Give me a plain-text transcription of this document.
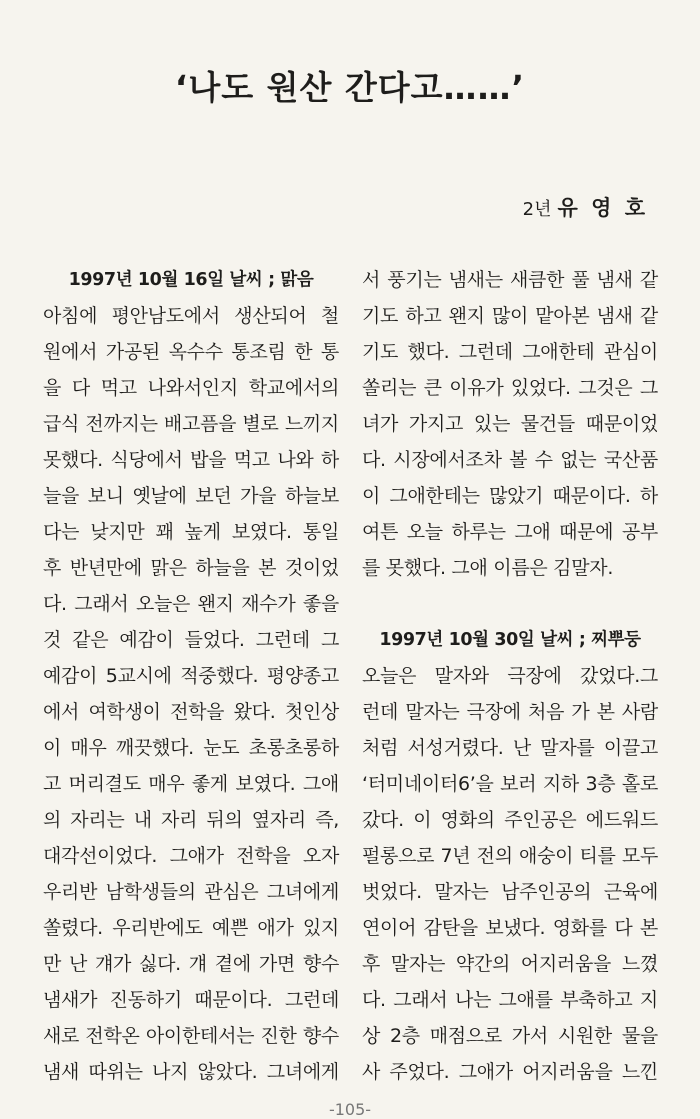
‘나도 원산 간다고……’
2년 유 영 호
1997년 10월 16일 날씨 ; 맑음
아침에 평안남도에서 생산되어 철
원에서 가공된 옥수수 통조림 한 통
을 다 먹고 나와서인지 학교에서의
급식 전까지는 배고픔을 별로 느끼지
못했다. 식당에서 밥을 먹고 나와 하
늘을 보니 옛날에 보던 가을 하늘보
다는 낮지만 꽤 높게 보였다. 통일
후 반년만에 맑은 하늘을 본 것이었
다. 그래서 오늘은 왠지 재수가 좋을
것 같은 예감이 들었다. 그런데 그
예감이 5교시에 적중했다. 평양종고
에서 여학생이 전학을 왔다. 첫인상
이 매우 깨끗했다. 눈도 초롱초롱하
고 머리결도 매우 좋게 보였다. 그애
의 자리는 내 자리 뒤의 옆자리 즉,
대각선이었다. 그애가 전학을 오자
우리반 남학생들의 관심은 그녀에게
쏠렸다. 우리반에도 예쁜 애가 있지
만 난 걔가 싫다. 걔 곁에 가면 향수
냄새가 진동하기 때문이다. 그런데
새로 전학온 아이한테서는 진한 향수
냄새 따위는 나지 않았다. 그녀에게
서 풍기는 냄새는 새큼한 풀 냄새 같
기도 하고 왠지 많이 맡아본 냄새 같
기도 했다. 그런데 그애한테 관심이
쏠리는 큰 이유가 있었다. 그것은 그
녀가 가지고 있는 물건들 때문이었
다. 시장에서조차 볼 수 없는 국산품
이 그애한테는 많았기 때문이다. 하
여튼 오늘 하루는 그애 때문에 공부
를 못했다. 그애 이름은 김말자.
1997년 10월 30일 날씨 ; 찌뿌둥
오늘은 말자와 극장에 갔었다.그
런데 말자는 극장에 처음 가 본 사람
처럼 서성거렸다. 난 말자를 이끌고
‘터미네이터6’을 보러 지하 3층 홀로
갔다. 이 영화의 주인공은 에드워드
펄롱으로 7년 전의 애숭이 티를 모두
벗었다. 말자는 남주인공의 근육에
연이어 감탄을 보냈다. 영화를 다 본
후 말자는 약간의 어지러움을 느꼈
다. 그래서 나는 그애를 부축하고 지
상 2층 매점으로 가서 시원한 물을
사 주었다. 그애가 어지러움을 느낀
-105-
